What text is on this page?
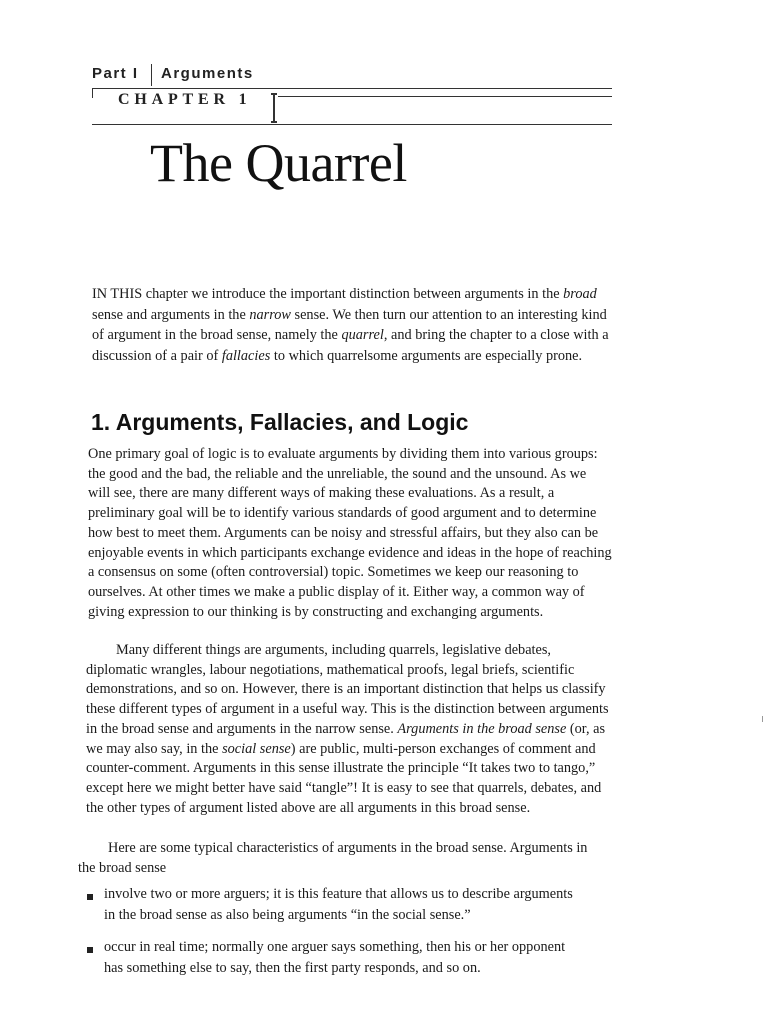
Part I Arguments
CHAPTER 1
The Quarrel

IN THIS chapter we introduce the important distinction between arguments in the broad sense and arguments in the narrow sense. We then turn our attention to an interesting kind of argument in the broad sense, namely the quarrel, and bring the chapter to a close with a discussion of a pair of fallacies to which quarrelsome arguments are especially prone.

1. Arguments, Fallacies, and Logic

One primary goal of logic is to evaluate arguments by dividing them into various groups: the good and the bad, the reliable and the unreliable, the sound and the unsound. As we will see, there are many different ways of making these evaluations. As a result, a preliminary goal will be to identify various standards of good argument and to determine how best to meet them. Arguments can be noisy and stressful affairs, but they also can be enjoyable events in which participants exchange evidence and ideas in the hope of reaching a consensus on some (often controversial) topic. Sometimes we keep our reasoning to ourselves. At other times we make a public display of it. Either way, a common way of giving expression to our thinking is by constructing and exchanging arguments.

Many different things are arguments, including quarrels, legislative debates, diplomatic wrangles, labour negotiations, mathematical proofs, legal briefs, scientific demonstrations, and so on. However, there is an important distinction that helps us classify these different types of argument in a useful way. This is the distinction between arguments in the broad sense and arguments in the narrow sense. Arguments in the broad sense (or, as we may also say, in the social sense) are public, multi-person exchanges of comment and counter-comment. Arguments in this sense illustrate the principle “It takes two to tango,” except here we might better have said “tangle”! It is easy to see that quarrels, debates, and the other types of argument listed above are all arguments in this broad sense.

Here are some typical characteristics of arguments in the broad sense. Arguments in the broad sense

involve two or more arguers; it is this feature that allows us to describe arguments in the broad sense as also being arguments “in the social sense.”
occur in real time; normally one arguer says something, then his or her opponent has something else to say, then the first party responds, and so on.
